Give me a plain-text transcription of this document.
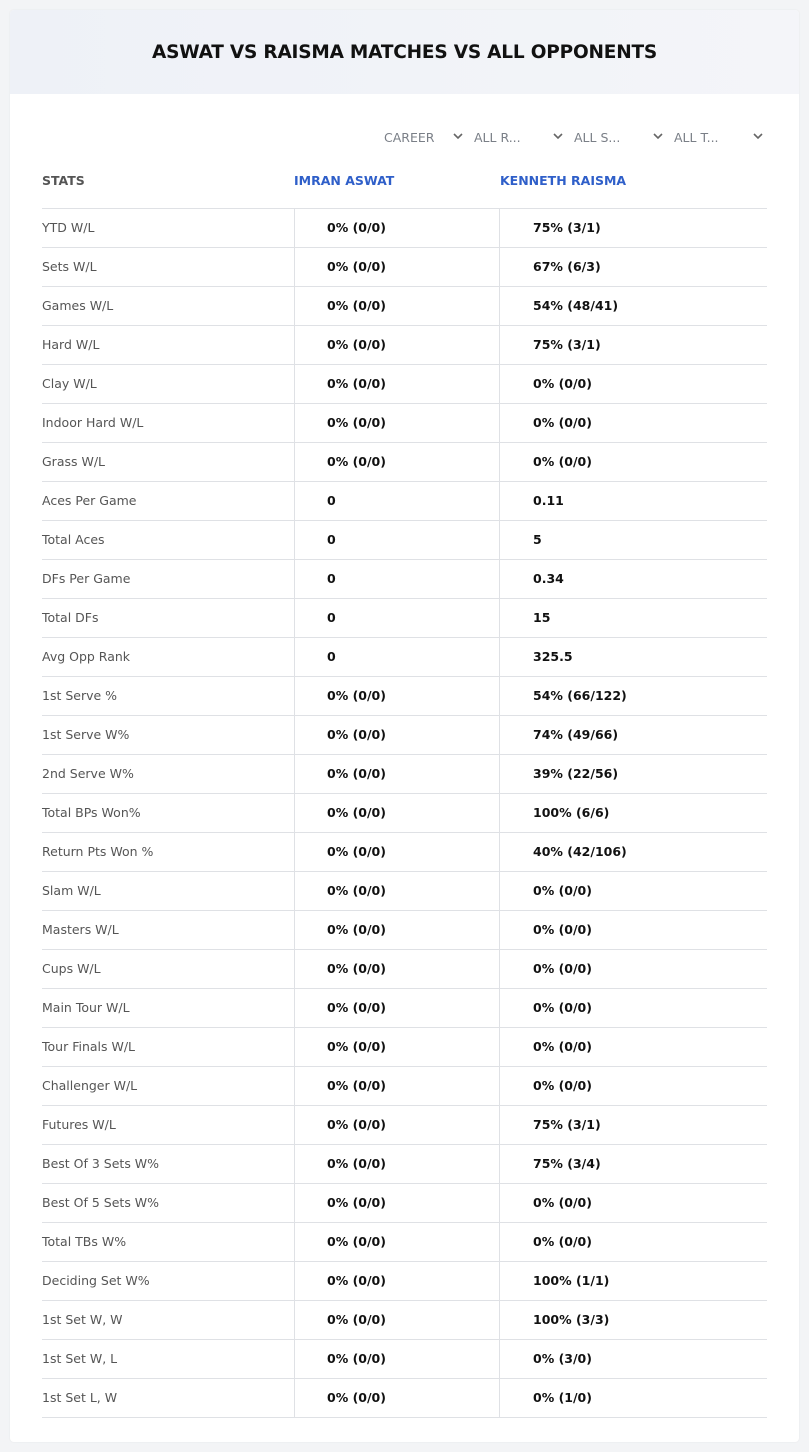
ASWAT VS RAISMA MATCHES VS ALL OPPONENTS
CAREER	ALL R...	ALL S...	ALL T...
STATS	IMRAN ASWAT	KENNETH RAISMA
YTD W/L	0% (0/0)	75% (3/1)
Sets W/L	0% (0/0)	67% (6/3)
Games W/L	0% (0/0)	54% (48/41)
Hard W/L	0% (0/0)	75% (3/1)
Clay W/L	0% (0/0)	0% (0/0)
Indoor Hard W/L	0% (0/0)	0% (0/0)
Grass W/L	0% (0/0)	0% (0/0)
Aces Per Game	0	0.11
Total Aces	0	5
DFs Per Game	0	0.34
Total DFs	0	15
Avg Opp Rank	0	325.5
1st Serve %	0% (0/0)	54% (66/122)
1st Serve W%	0% (0/0)	74% (49/66)
2nd Serve W%	0% (0/0)	39% (22/56)
Total BPs Won%	0% (0/0)	100% (6/6)
Return Pts Won %	0% (0/0)	40% (42/106)
Slam W/L	0% (0/0)	0% (0/0)
Masters W/L	0% (0/0)	0% (0/0)
Cups W/L	0% (0/0)	0% (0/0)
Main Tour W/L	0% (0/0)	0% (0/0)
Tour Finals W/L	0% (0/0)	0% (0/0)
Challenger W/L	0% (0/0)	0% (0/0)
Futures W/L	0% (0/0)	75% (3/1)
Best Of 3 Sets W%	0% (0/0)	75% (3/4)
Best Of 5 Sets W%	0% (0/0)	0% (0/0)
Total TBs W%	0% (0/0)	0% (0/0)
Deciding Set W%	0% (0/0)	100% (1/1)
1st Set W, W	0% (0/0)	100% (3/3)
1st Set W, L	0% (0/0)	0% (3/0)
1st Set L, W	0% (0/0)	0% (1/0)
